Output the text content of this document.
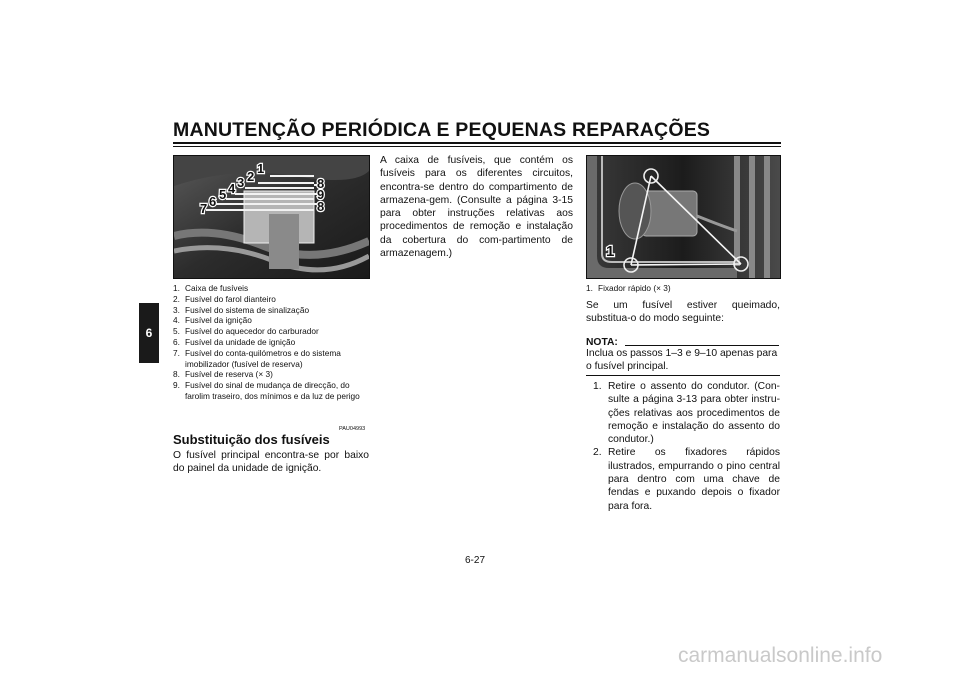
MANUTENÇÃO PERIÓDICA E PEQUENAS REPARAÇÕES
6
1
2
3
4
5
6
7
8
9
8
1. Caixa de fusíveis
2. Fusível do farol dianteiro
3. Fusível do sistema de sinalização
4. Fusível da ignição
5. Fusível do aquecedor do carburador
6. Fusível da unidade de ignição
7. Fusível do conta-quilómetros e do sistema imobilizador (fusível de reserva)
8. Fusível de reserva (× 3)
9. Fusível do sinal de mudança de direcção, do farolim traseiro, dos mínimos e da luz de perigo
PAU04993
Substituição dos fusíveis
O fusível principal encontra-se por baixo do painel da unidade de ignição.
A caixa de fusíveis, que contém os fusíveis para os diferentes circuitos, encontra-se dentro do compartimento de armazena-gem. (Consulte a página 3-15 para obter instruções relativas aos procedimentos de remoção e instalação da cobertura do com-partimento de armazenagem.)	1
1. Fixador rápido (× 3)
Se um fusível estiver queimado, substitua-o do modo seguinte:
NOTA:
Inclua os passos 1–3 e 9–10 apenas para o fusível principal.
1. Retire o assento do condutor. (Con-sulte a página 3-13 para obter instru-ções relativas aos procedimentos de remoção e instalação do assento do condutor.)
2. Retire os fixadores rápidos ilustrados, empurrando o pino central para dentro com uma chave de fendas e puxando depois o fixador para fora.
6-27
carmanualsonline.info
